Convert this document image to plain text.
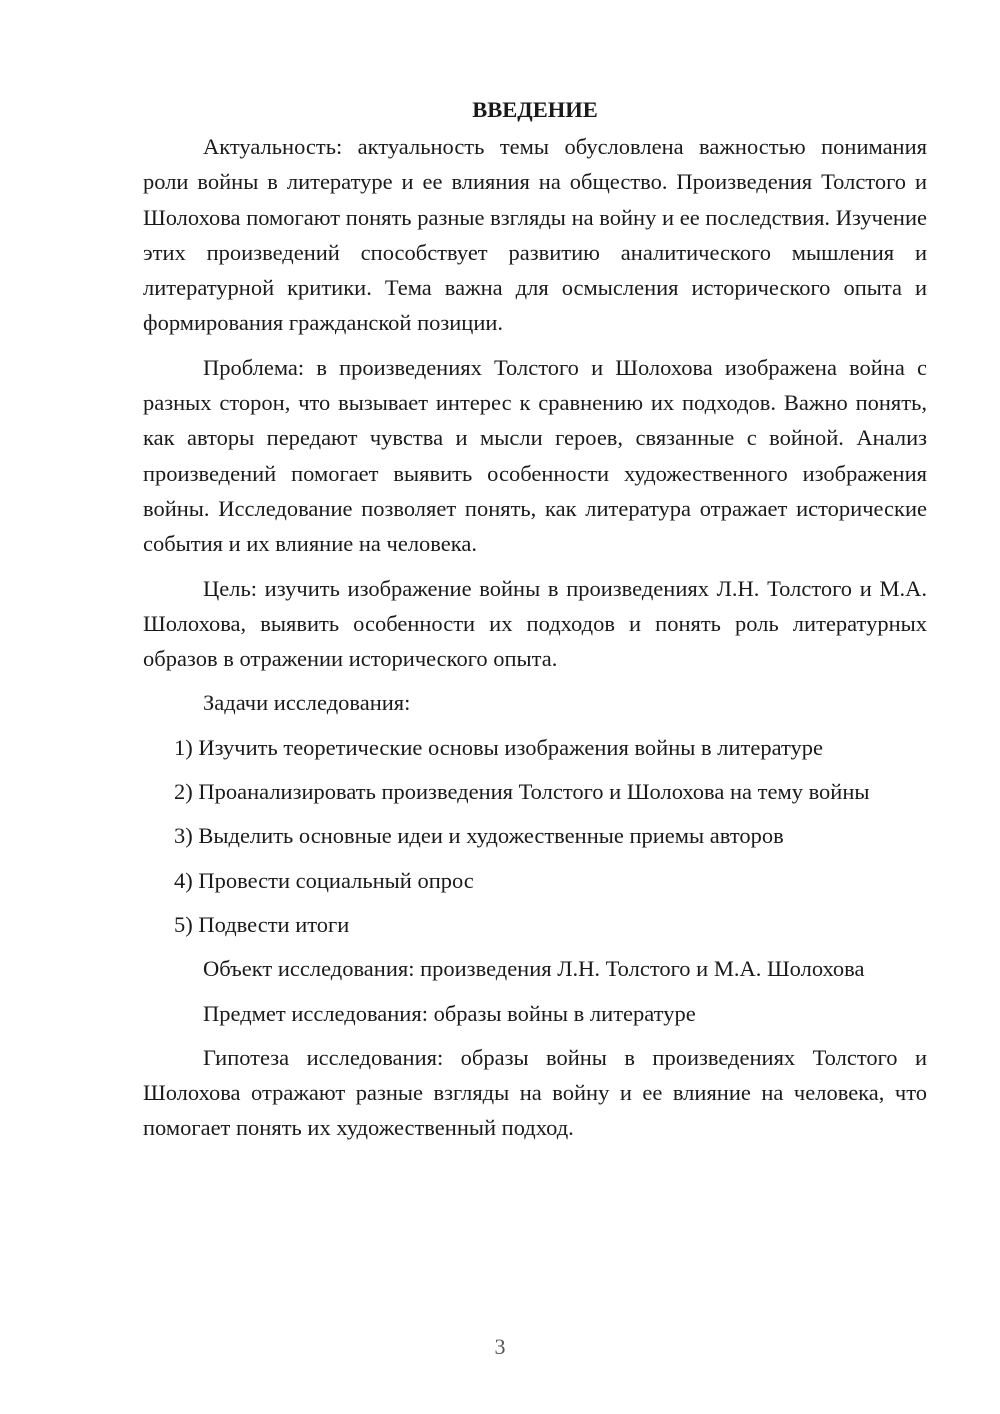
ВВЕДЕНИЕ

Актуальность: актуальность темы обусловлена важностью понимания роли войны в литературе и ее влияния на общество. Произведения Толстого и Шолохова помогают понять разные взгляды на войну и ее последствия. Изучение этих произведений способствует развитию аналитического мышления и литературной критики. Тема важна для осмысления исторического опыта и формирования гражданской позиции.

Проблема: в произведениях Толстого и Шолохова изображена война с разных сторон, что вызывает интерес к сравнению их подходов. Важно понять, как авторы передают чувства и мысли героев, связанные с войной. Анализ произведений помогает выявить особенности художественного изображения войны. Исследование позволяет понять, как литература отражает исторические события и их влияние на человека.

Цель: изучить изображение войны в произведениях Л.Н. Толстого и М.А. Шолохова, выявить особенности их подходов и понять роль литературных образов в отражении исторического опыта.

Задачи исследования:

1) Изучить теоретические основы изображения войны в литературе

2) Проанализировать произведения Толстого и Шолохова на тему войны

3) Выделить основные идеи и художественные приемы авторов

4) Провести социальный опрос

5) Подвести итоги

Объект исследования: произведения Л.Н. Толстого и М.А. Шолохова

Предмет исследования: образы войны в литературе

Гипотеза исследования: образы войны в произведениях Толстого и Шолохова отражают разные взгляды на войну и ее влияние на человека, что помогает понять их художественный подход.

3
